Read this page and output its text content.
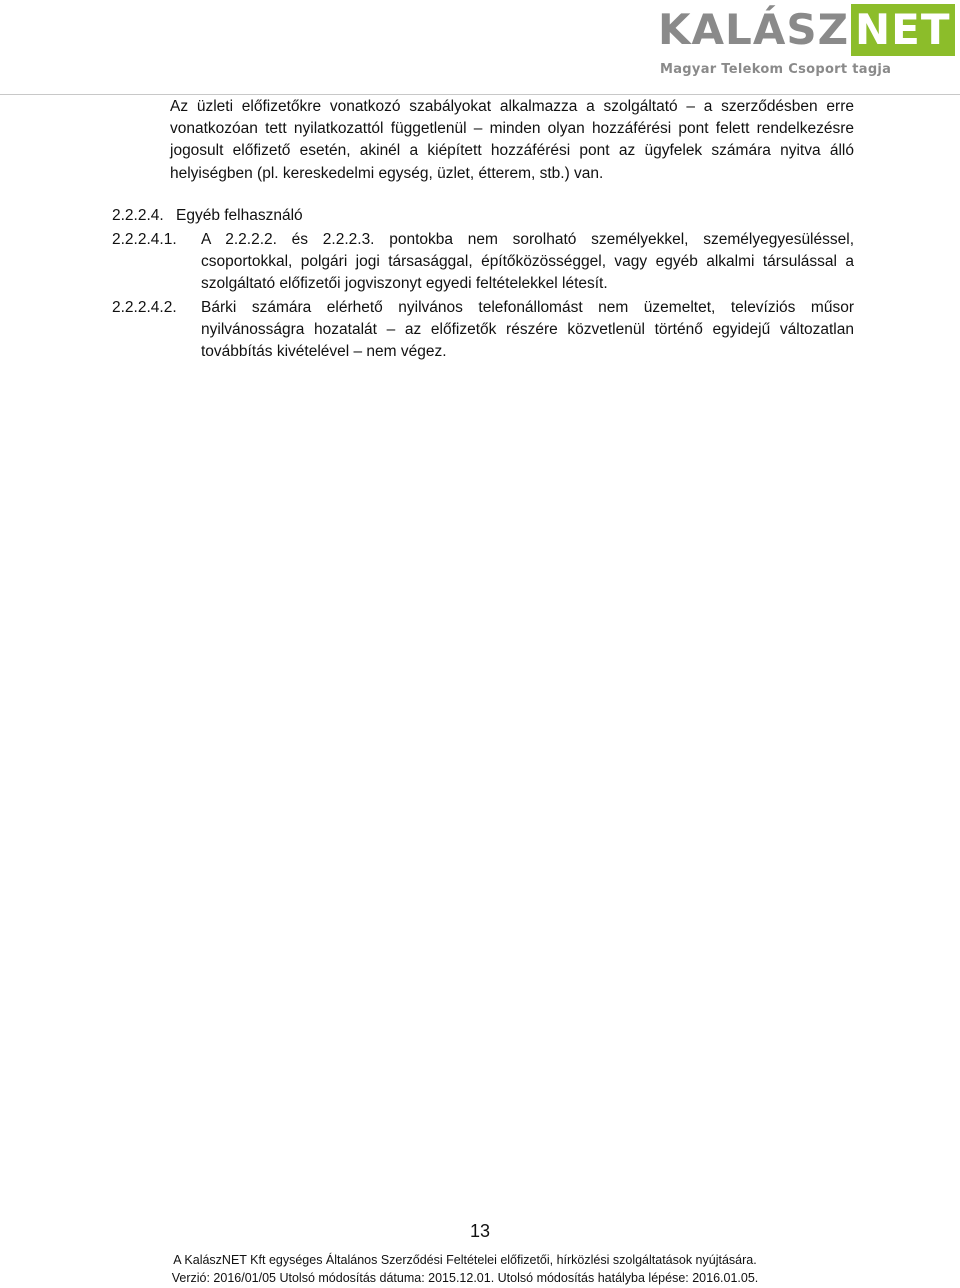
KALÁSZ NET
Magyar Telekom Csoport tagja
Az üzleti előfizetőkre vonatkozó szabályokat alkalmazza a szolgáltató – a szerződésben erre vonatkozóan tett nyilatkozattól függetlenül – minden olyan hozzáférési pont felett rendelkezésre jogosult előfizető esetén, akinél a kiépített hozzáférési pont az ügyfelek számára nyitva álló helyiségben (pl. kereskedelmi egység, üzlet, étterem, stb.) van.
2.2.2.4. Egyéb felhasználó
2.2.2.4.1.	A 2.2.2.2. és 2.2.2.3. pontokba nem sorolható személyekkel, személyegyesüléssel, csoportokkal, polgári jogi társasággal, építőközösséggel, vagy egyéb alkalmi társulással a szolgáltató előfizetői jogviszonyt egyedi feltételekkel létesít.
2.2.2.4.2.	Bárki számára elérhető nyilvános telefonállomást nem üzemeltet, televíziós műsor nyilvánosságra hozatalát – az előfizetők részére közvetlenül történő egyidejű változatlan továbbítás kivételével – nem végez.
13
A KalászNET Kft egységes Általános Szerződési Feltételei előfizetői, hírközlési szolgáltatások nyújtására.
Verzió: 2016/01/05 Utolsó módosítás dátuma: 2015.12.01. Utolsó módosítás hatályba lépése: 2016.01.05.
